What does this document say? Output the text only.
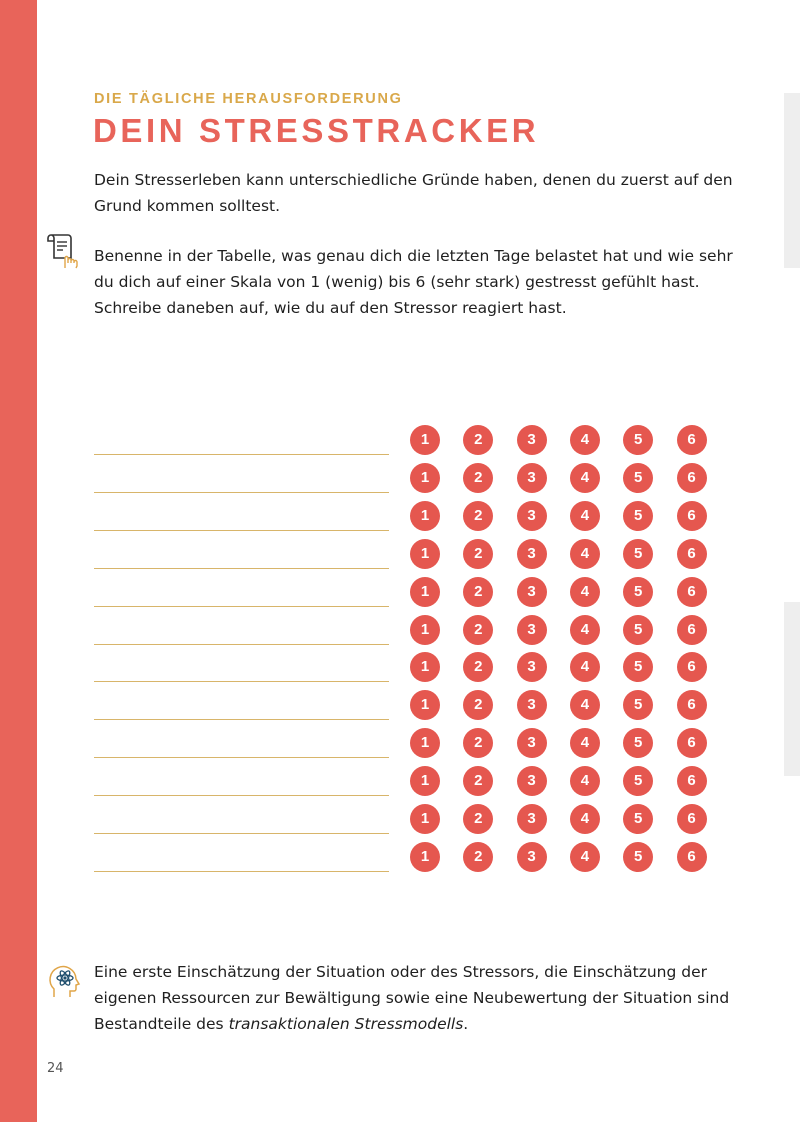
DIE TÄGLICHE HERAUSFORDERUNG
DEIN STRESSTRACKER
Dein Stresserleben kann unterschiedliche Gründe haben, denen du zuerst auf den Grund kommen solltest.
Benenne in der Tabelle, was genau dich die letzten Tage belastet hat und wie sehr du dich auf einer Skala von 1 (wenig) bis 6 (sehr stark) gestresst gefühlt hast. Schreibe daneben auf, wie du auf den Stressor reagiert hast.
1	2	3	4	5	6
1	2	3	4	5	6
1	2	3	4	5	6
1	2	3	4	5	6
1	2	3	4	5	6
1	2	3	4	5	6
1	2	3	4	5	6
1	2	3	4	5	6
1	2	3	4	5	6
1	2	3	4	5	6
1	2	3	4	5	6
1	2	3	4	5	6
Eine erste Einschätzung der Situation oder des Stressors, die Einschätzung der eigenen Ressourcen zur Bewältigung sowie eine Neubewertung der Situation sind Bestandteile des transaktionalen Stressmodells.
24
